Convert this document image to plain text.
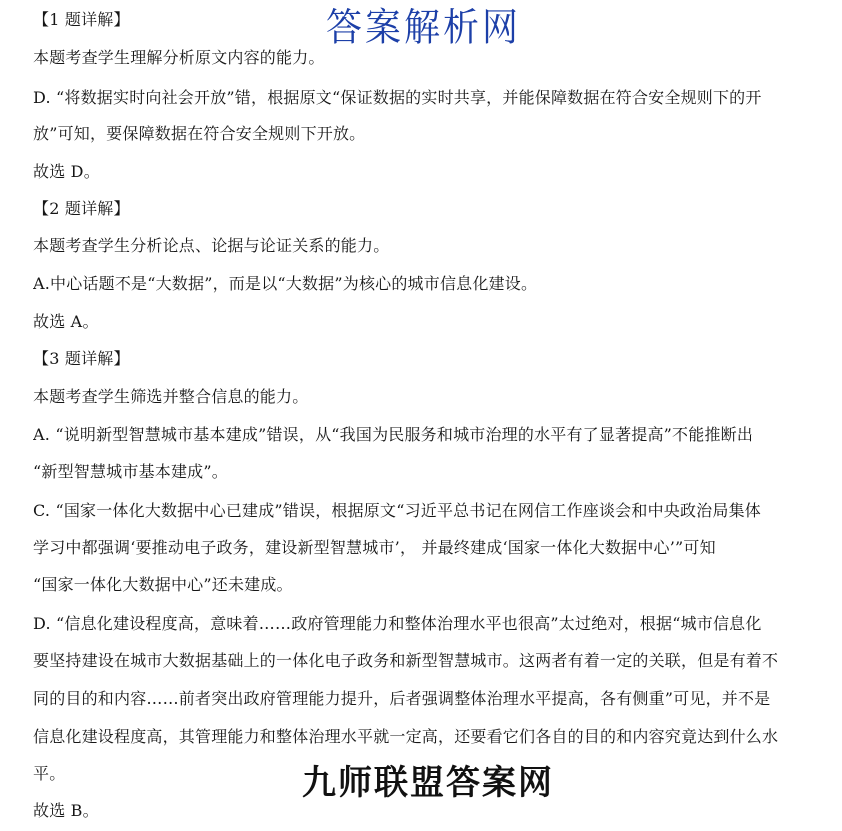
答案解析网
【1 题详解】
本题考查学生理解分析原文内容的能力。
D. “将数据实时向社会开放”错，根据原文“保证数据的实时共享，并能保障数据在符合安全规则下的开
放”可知，要保障数据在符合安全规则下开放。
故选 D。
【2 题详解】
本题考查学生分析论点、论据与论证关系的能力。
A.中心话题不是“大数据”，而是以“大数据”为核心的城市信息化建设。
故选 A。
【3 题详解】
本题考查学生筛选并整合信息的能力。
A. “说明新型智慧城市基本建成”错误，从“我国为民服务和城市治理的水平有了显著提高”不能推断出
“新型智慧城市基本建成”。
C. “国家一体化大数据中心已建成”错误，根据原文“习近平总书记在网信工作座谈会和中央政治局集体
学习中都强调‘要推动电子政务，建设新型智慧城市’， 并最终建成‘国家一体化大数据中心’”可知
“国家一体化大数据中心”还未建成。
D. “信息化建设程度高，意味着……政府管理能力和整体治理水平也很高”太过绝对，根据“城市信息化
要坚持建设在城市大数据基础上的一体化电子政务和新型智慧城市。这两者有着一定的关联，但是有着不
同的目的和内容……前者突出政府管理能力提升，后者强调整体治理水平提高，各有侧重”可见，并不是
信息化建设程度高，其管理能力和整体治理水平就一定高，还要看它们各自的目的和内容究竟达到什么水
平。
故选 B。
九师联盟答案网
